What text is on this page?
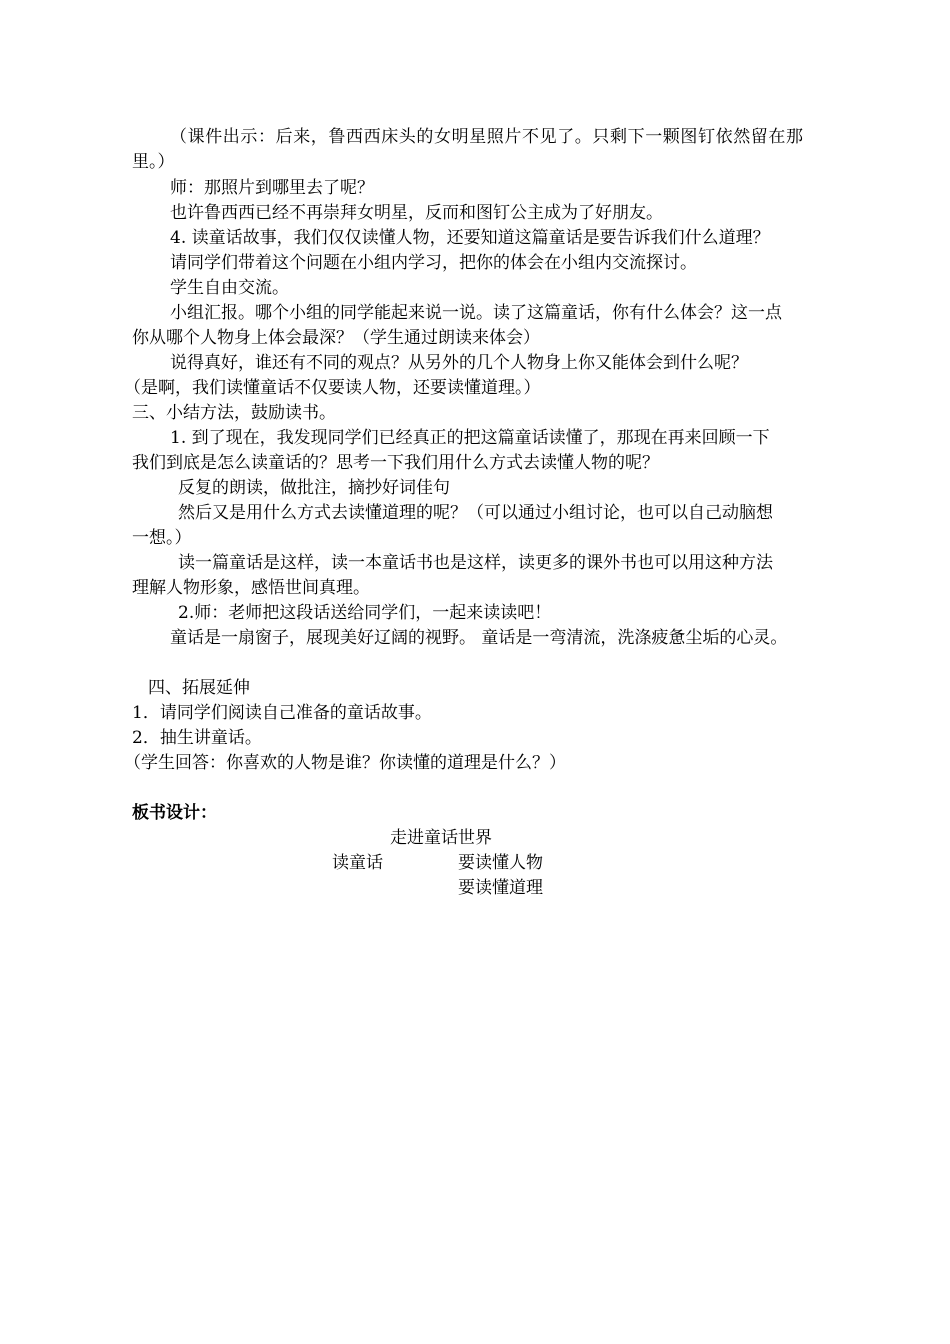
（课件出示：后来，鲁西西床头的女明星照片不见了。只剩下一颗图钉依然留在那
里。）
师：那照片到哪里去了呢？
也许鲁西西已经不再崇拜女明星，反而和图钉公主成为了好朋友。
4. 读童话故事，我们仅仅读懂人物，还要知道这篇童话是要告诉我们什么道理？
请同学们带着这个问题在小组内学习，把你的体会在小组内交流探讨。
学生自由交流。
小组汇报。哪个小组的同学能起来说一说。读了这篇童话，你有什么体会？这一点
你从哪个人物身上体会最深？（学生通过朗读来体会）
说得真好，谁还有不同的观点？从另外的几个人物身上你又能体会到什么呢？
（是啊，我们读懂童话不仅要读人物，还要读懂道理。）
三、小结方法，鼓励读书。
1. 到了现在，我发现同学们已经真正的把这篇童话读懂了，那现在再来回顾一下
我们到底是怎么读童话的？思考一下我们用什么方式去读懂人物的呢？
反复的朗读，做批注，摘抄好词佳句
然后又是用什么方式去读懂道理的呢？（可以通过小组讨论，也可以自己动脑想
一想。）
读一篇童话是这样，读一本童话书也是这样，读更多的课外书也可以用这种方法
理解人物形象，感悟世间真理。
2.师：老师把这段话送给同学们，一起来读读吧！
童话是一扇窗子，展现美好辽阔的视野。 童话是一弯清流，洗涤疲惫尘垢的心灵。
四、拓展延伸
1．请同学们阅读自己准备的童话故事。
2．抽生讲童话。
（学生回答：你喜欢的人物是谁？你读懂的道理是什么？）
板书设计：
走进童话世界
读童话	要读懂人物
要读懂道理
